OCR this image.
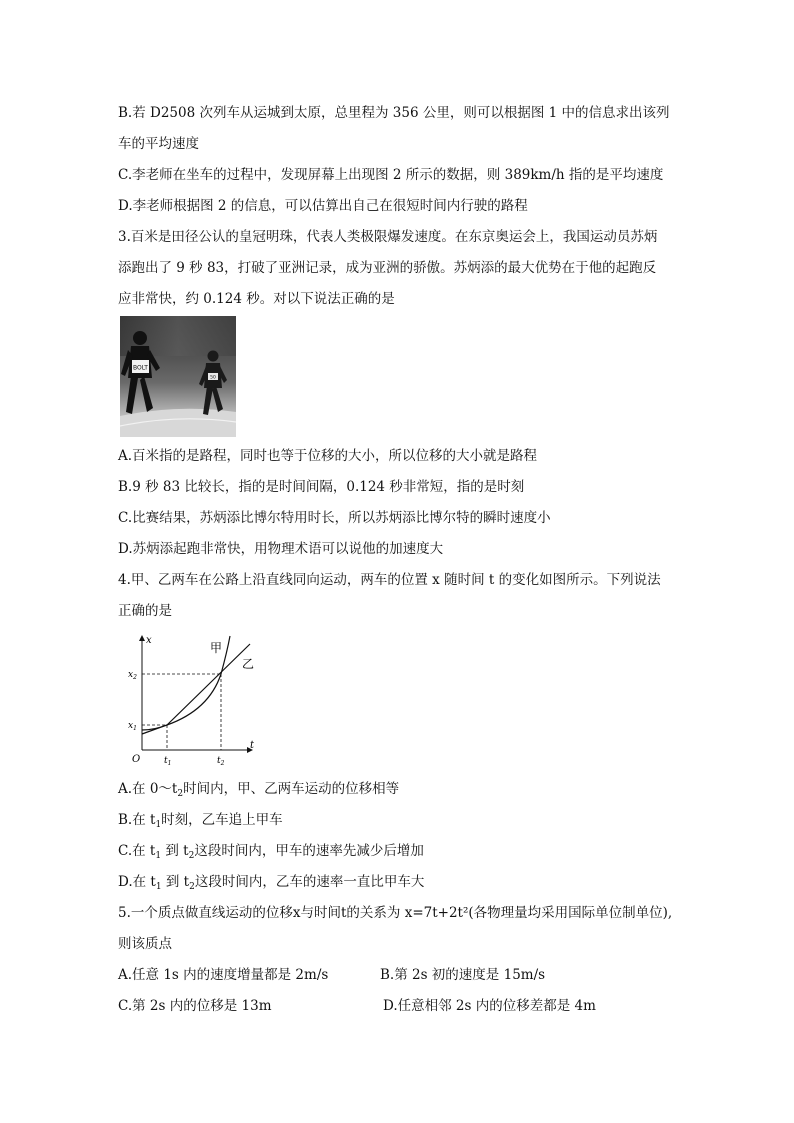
B.若 D2508 次列车从运城到太原，总里程为 356 公里，则可以根据图 1 中的信息求出该列
车的平均速度
C.李老师在坐车的过程中，发现屏幕上出现图 2 所示的数据，则 389km/h 指的是平均速度
D.李老师根据图 2 的信息，可以估算出自己在很短时间内行驶的路程
3.百米是田径公认的皇冠明珠，代表人类极限爆发速度。在东京奥运会上，我国运动员苏炳
添跑出了 9 秒 83，打破了亚洲记录，成为亚洲的骄傲。苏炳添的最大优势在于他的起跑反
应非常快，约 0.124 秒。对以下说法正确的是
BOLT
50
A.百米指的是路程，同时也等于位移的大小，所以位移的大小就是路程
B.9 秒 83 比较长，指的是时间间隔，0.124 秒非常短，指的是时刻
C.比赛结果，苏炳添比博尔特用时长，所以苏炳添比博尔特的瞬时速度小
D.苏炳添起跑非常快，用物理术语可以说他的加速度大
4.甲、乙两车在公路上沿直线同向运动，两车的位置 x 随时间 t 的变化如图所示。下列说法
正确的是
甲
乙
x
t
O
$x_1$
$x_2$
$t_1$	$t_2$
A.在 $0\sim t_2$时间内，甲、乙两车运动的位移相等
B.在 $t_1$时刻，乙车追上甲车
C.在 $t_1$ 到 $t_2$这段时间内，甲车的速率先减少后增加
D.在 $t_1$ 到 $t_2$这段时间内，乙车的速率一直比甲车大
5.一个质点做直线运动的位移x与时间t的关系为 x=7t+2t²(各物理量均采用国际单位制单位),
则该质点
A.任意 1s 内的速度增量都是 2m/s	B.第 2s 初的速度是 15m/s
C.第 2s 内的位移是 13m	D.任意相邻 2s 内的位移差都是 4m
